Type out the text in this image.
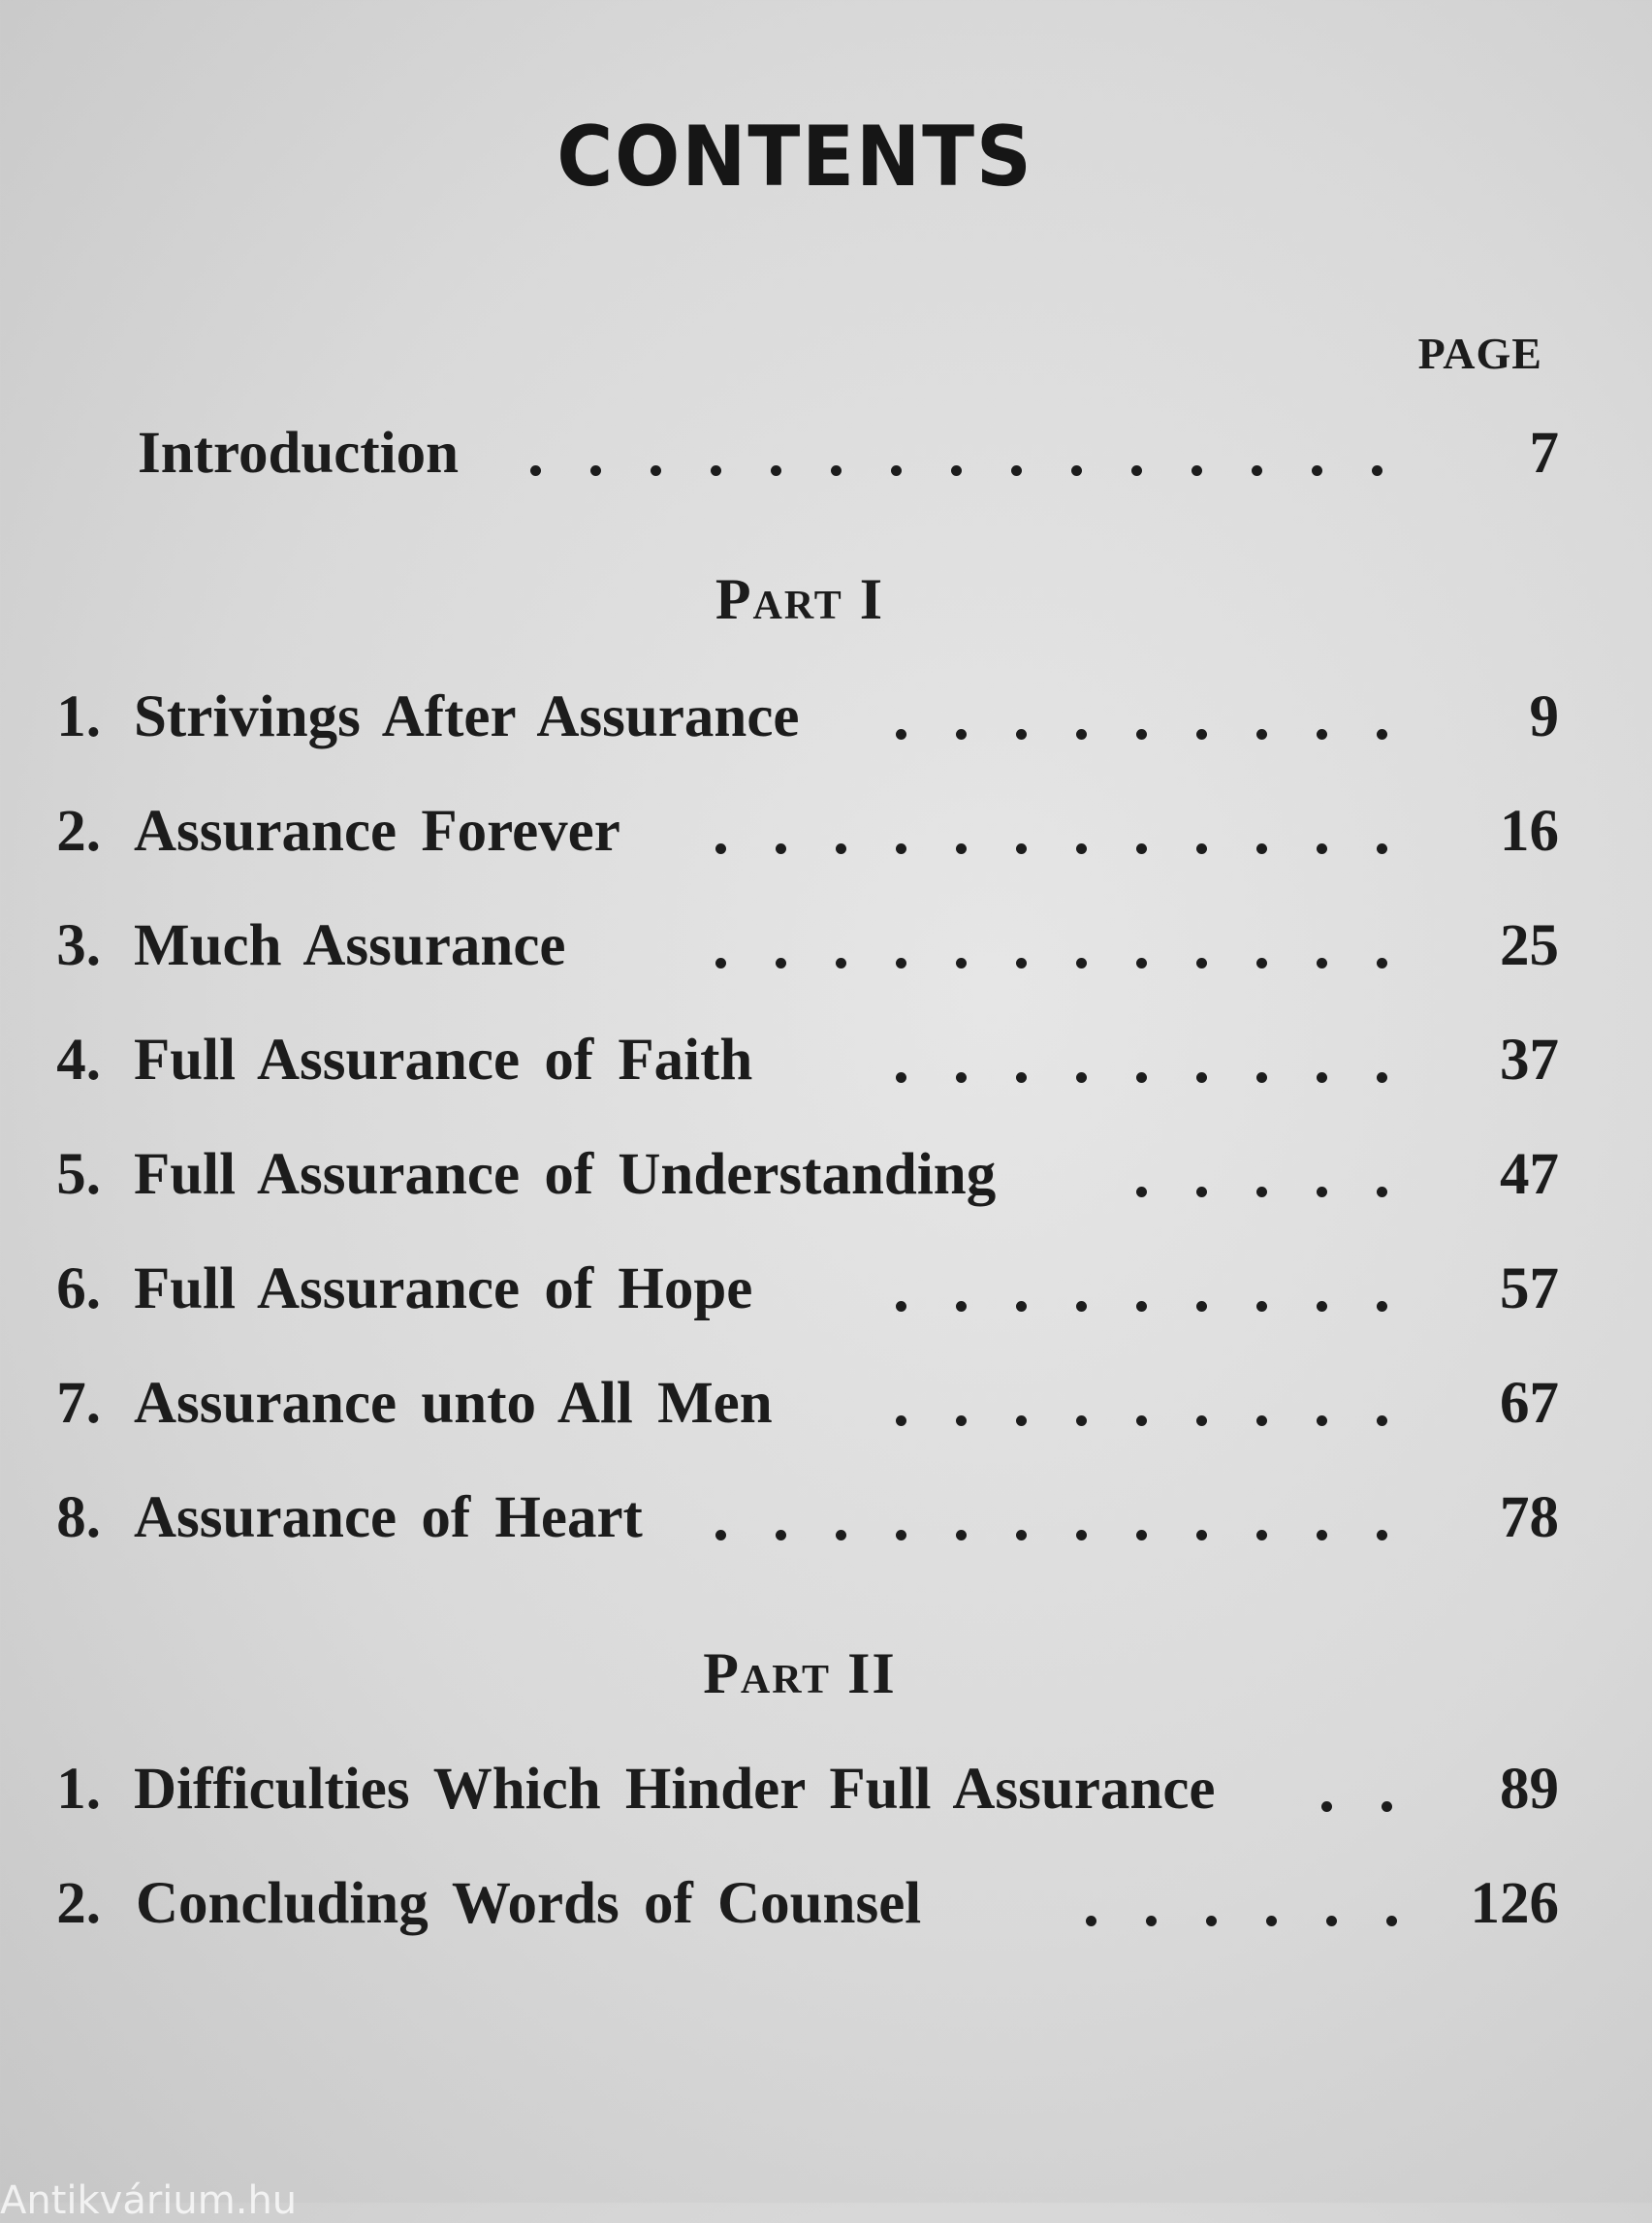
CONTENTS
PAGE
Introduction	7
Part I
1. Strivings After Assurance	9
2. Assurance Forever	16
3. Much Assurance	25
4. Full Assurance of Faith	37
5. Full Assurance of Understanding	47
6. Full Assurance of Hope	57
7. Assurance unto All Men	67
8. Assurance of Heart	78
Part II
1. Difficulties Which Hinder Full Assurance	89
2. Concluding Words of Counsel	126
Antikvárium.hu
